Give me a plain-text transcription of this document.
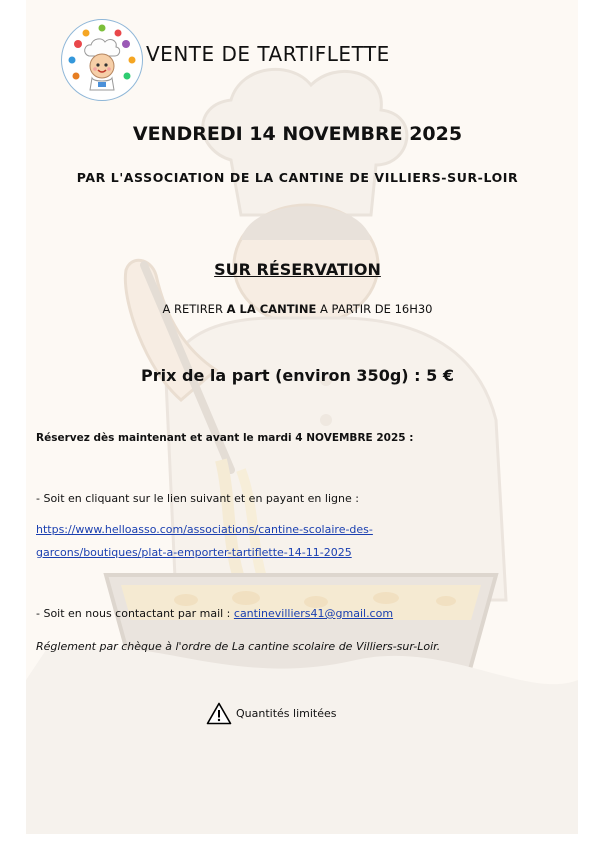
VENTE DE TARTIFLETTE
VENDREDI 14 NOVEMBRE 2025
PAR L'ASSOCIATION DE LA CANTINE DE VILLIERS-SUR-LOIR
SUR RÉSERVATION
A RETIRER A LA CANTINE A PARTIR DE 16H30
Prix de la part (environ 350g) : 5 €
Réservez dès maintenant et avant le mardi 4 NOVEMBRE 2025 :
- Soit en cliquant sur le lien suivant et en payant en ligne :
https://www.helloasso.com/associations/cantine-scolaire-des-
garcons/boutiques/plat-a-emporter-tartiflette-14-11-2025
- Soit en nous contactant par mail : cantinevilliers41@gmail.com
Réglement par chèque à l'ordre de La cantine scolaire de Villiers-sur-Loir.
Quantités limitées
